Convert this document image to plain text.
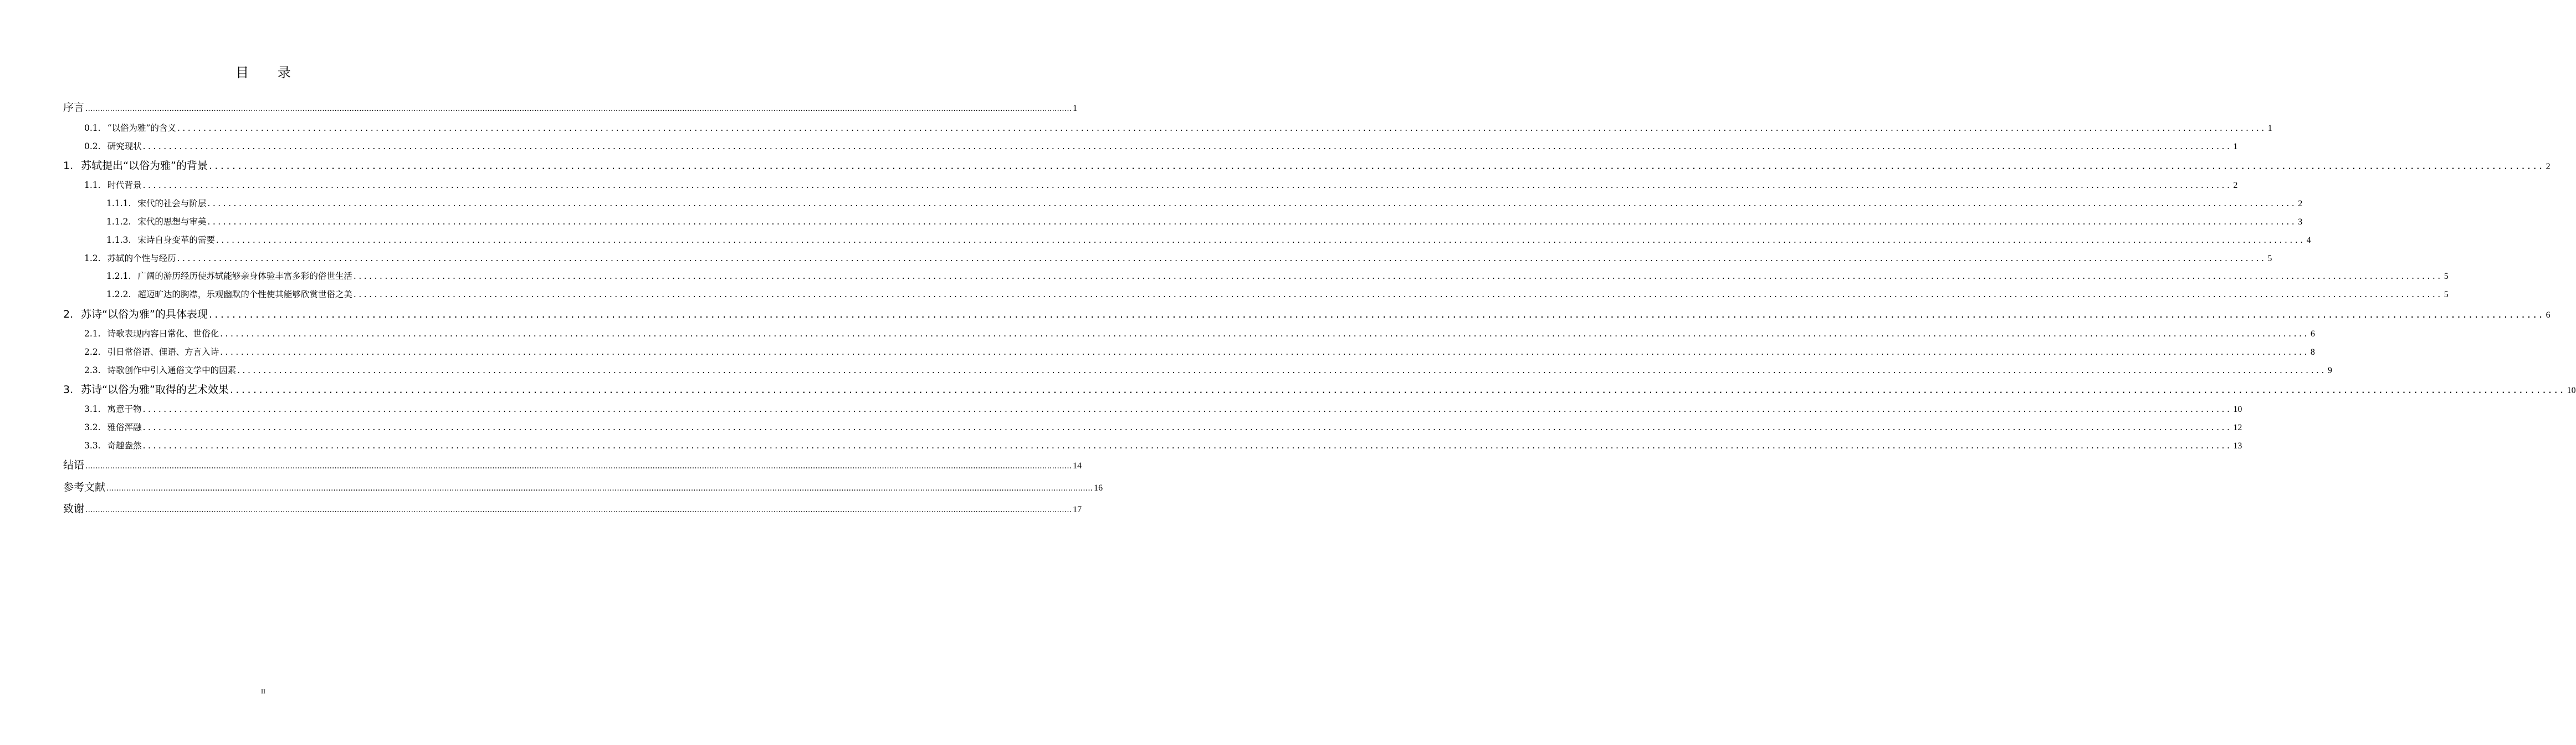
目 录
序言 ................................................................................................................................................................................................................................................................................................................................................................................................................ 1
0.1. “以俗为雅”的含义 ................................................................................................................................................................................................................................................................................................................................................................................................................ 1
0.2. 研究现状 ................................................................................................................................................................................................................................................................................................................................................................................................................ 1
1. 苏轼提出“以俗为雅”的背景 ................................................................................................................................................................................................................................................................................................................................................................................................................ 2
1.1. 时代背景 ................................................................................................................................................................................................................................................................................................................................................................................................................ 2
1.1.1. 宋代的社会与阶层 ................................................................................................................................................................................................................................................................................................................................................................................................................ 2
1.1.2. 宋代的思想与审美 ................................................................................................................................................................................................................................................................................................................................................................................................................ 3
1.1.3. 宋诗自身变革的需要 ................................................................................................................................................................................................................................................................................................................................................................................................................ 4
1.2. 苏轼的个性与经历 ................................................................................................................................................................................................................................................................................................................................................................................................................ 5
1.2.1. 广阔的游历经历使苏轼能够亲身体验丰富多彩的俗世生活 ................................................................................................................................................................................................................................................................................................................................................................................................................ 5
1.2.2. 超迈旷达的胸襟，乐观幽默的个性使其能够欣赏世俗之美 ................................................................................................................................................................................................................................................................................................................................................................................................................ 5
2. 苏诗“以俗为雅”的具体表现 ................................................................................................................................................................................................................................................................................................................................................................................................................ 6
2.1. 诗歌表现内容日常化、世俗化 ................................................................................................................................................................................................................................................................................................................................................................................................................ 6
2.2. 引日常俗语、俚语、方言入诗 ................................................................................................................................................................................................................................................................................................................................................................................................................ 8
2.3. 诗歌创作中引入通俗文学中的因素 ................................................................................................................................................................................................................................................................................................................................................................................................................ 9
3. 苏诗“以俗为雅”取得的艺术效果 ................................................................................................................................................................................................................................................................................................................................................................................................................ 10
3.1. 寓意于物 ................................................................................................................................................................................................................................................................................................................................................................................................................ 10
3.2. 雅俗浑融 ................................................................................................................................................................................................................................................................................................................................................................................................................ 12
3.3. 奇趣盎然 ................................................................................................................................................................................................................................................................................................................................................................................................................ 13
结语 ................................................................................................................................................................................................................................................................................................................................................................................................................ 14
参考文献 ................................................................................................................................................................................................................................................................................................................................................................................................................ 16
致谢 ................................................................................................................................................................................................................................................................................................................................................................................................................ 17
II
